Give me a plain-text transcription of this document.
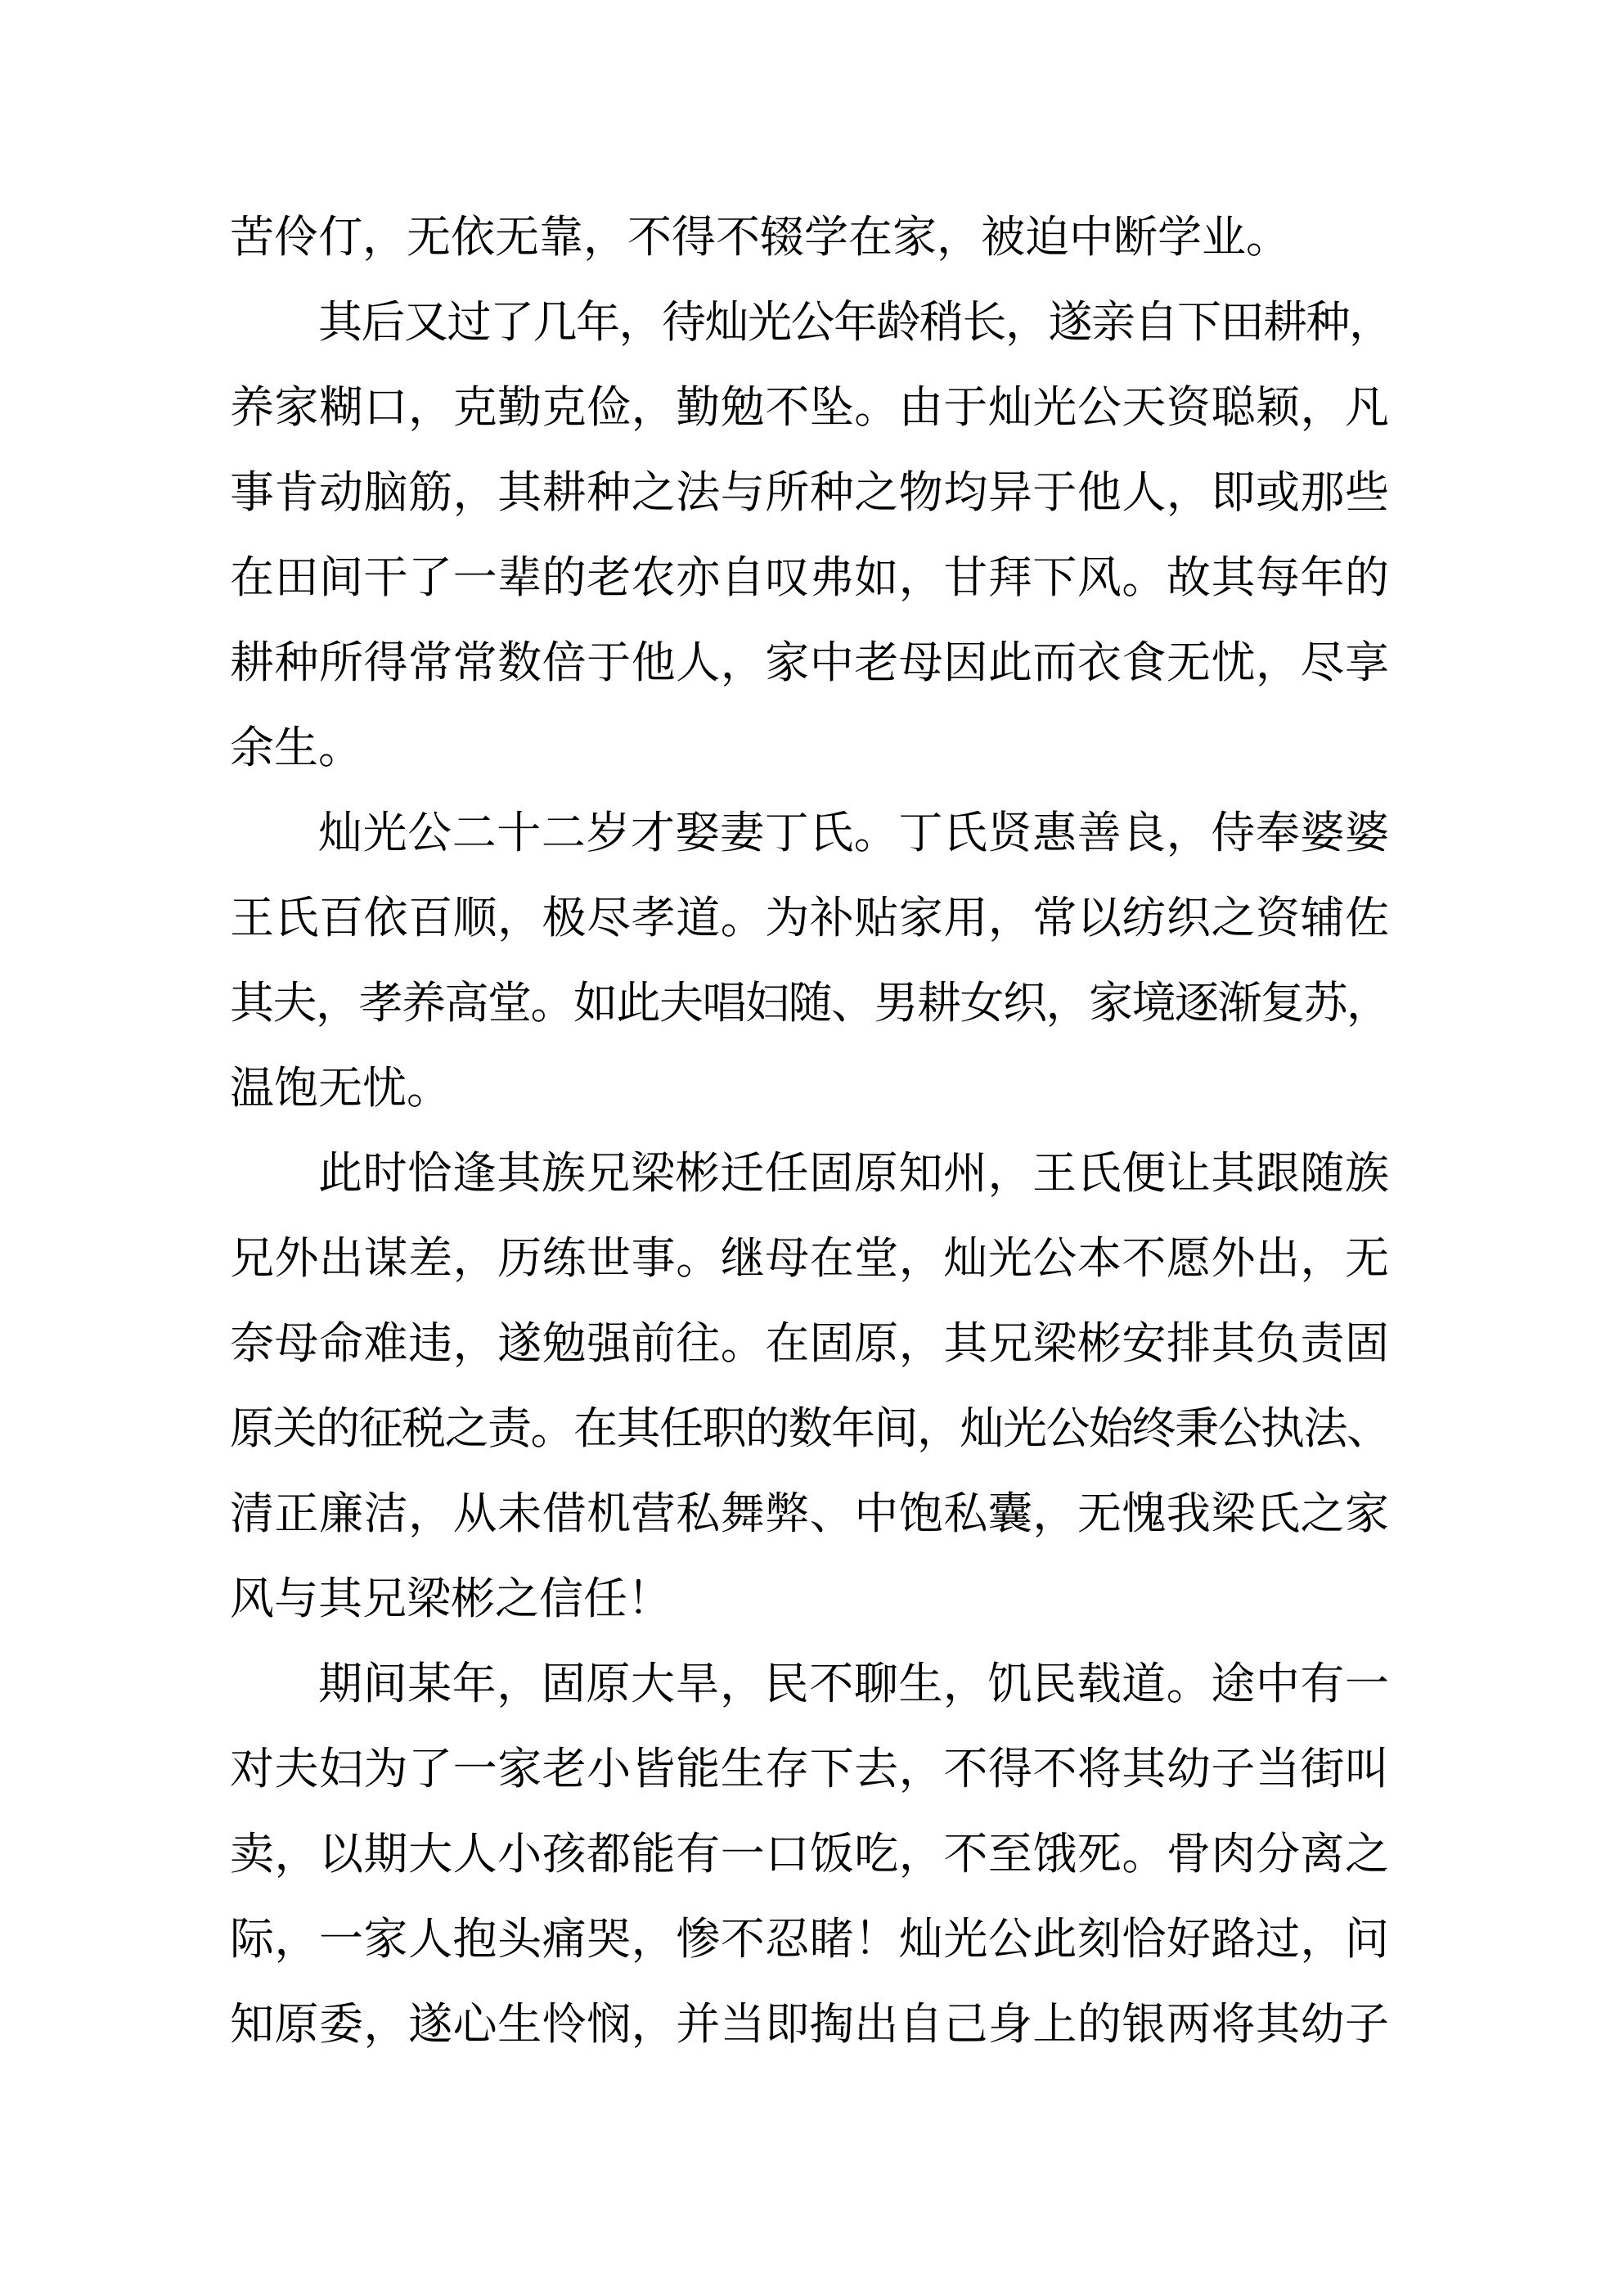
苦伶仃，无依无靠，不得不辍学在家，被迫中断学业。
其后又过了几年，待灿光公年龄稍长，遂亲自下田耕种，
养家糊口，克勤克俭，勤勉不坠。由于灿光公天资聪颖，凡
事肯动脑筋，其耕种之法与所种之物均异于他人，即或那些
在田间干了一辈的老农亦自叹弗如，甘拜下风。故其每年的
耕种所得常常数倍于他人，家中老母因此而衣食无忧，尽享
余生。
灿光公二十二岁才娶妻丁氏。丁氏贤惠善良，侍奉婆婆
王氏百依百顺，极尽孝道。为补贴家用，常以纺织之资辅佐
其夫，孝养高堂。如此夫唱妇随、男耕女织，家境逐渐复苏，
温饱无忧。
此时恰逢其族兄梁彬迁任固原知州，王氏便让其跟随族
兄外出谋差，历练世事。继母在堂，灿光公本不愿外出，无
奈母命难违，遂勉强前往。在固原，其兄梁彬安排其负责固
原关的征税之责。在其任职的数年间，灿光公始终秉公执法、
清正廉洁，从未借机营私舞弊、中饱私囊，无愧我梁氏之家
风与其兄梁彬之信任！
期间某年，固原大旱，民不聊生，饥民载道。途中有一
对夫妇为了一家老小皆能生存下去，不得不将其幼子当街叫
卖，以期大人小孩都能有一口饭吃，不至饿死。骨肉分离之
际，一家人抱头痛哭，惨不忍睹！灿光公此刻恰好路过，问
知原委，遂心生怜悯，并当即掏出自己身上的银两将其幼子
